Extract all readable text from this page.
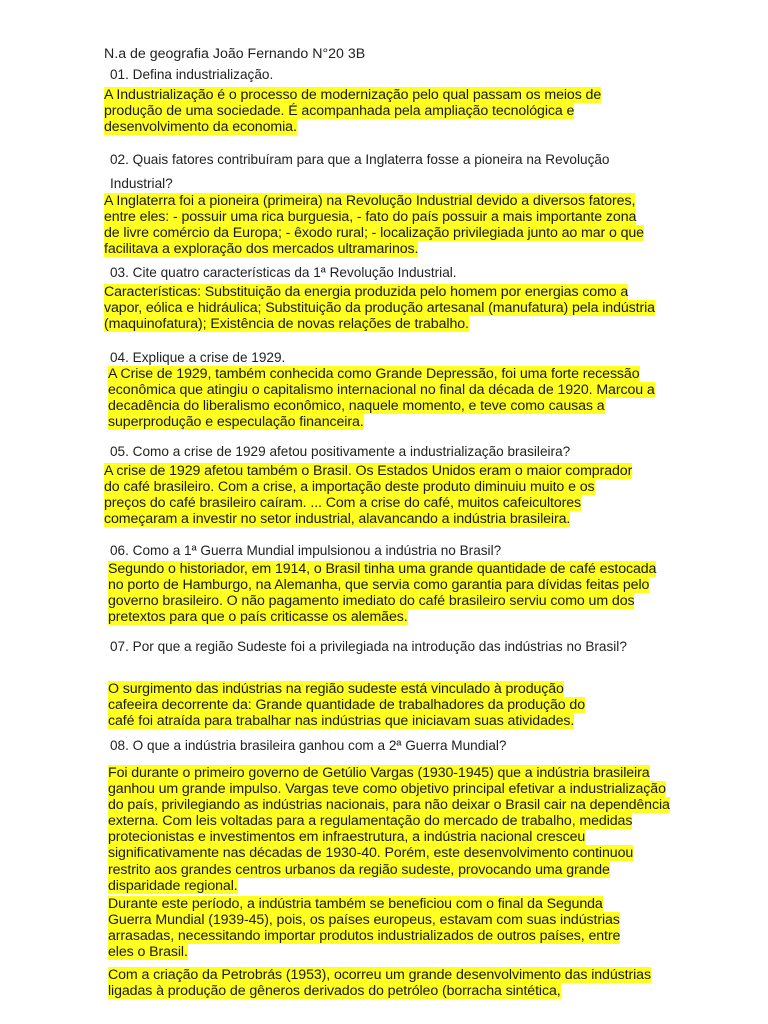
N.a de geografia João Fernando N°20 3B
01. Defina industrialização.
A Industrialização é o processo de modernização pelo qual passam os meios de produção de uma sociedade. É acompanhada pela ampliação tecnológica e desenvolvimento da economia.
02. Quais fatores contribuíram para que a Inglaterra fosse a pioneira na Revolução Industrial?
A Inglaterra foi a pioneira (primeira) na Revolução Industrial devido a diversos fatores, entre eles: - possuir uma rica burguesia, - fato do país possuir a mais importante zona de livre comércio da Europa; - êxodo rural; - localização privilegiada junto ao mar o que facilitava a exploração dos mercados ultramarinos.
03. Cite quatro características da 1ª Revolução Industrial.
Características: Substituição da energia produzida pelo homem por energias como a vapor, eólica e hidráulica; Substituição da produção artesanal (manufatura) pela indústria (maquinofatura); Existência de novas relações de trabalho.
04. Explique a crise de 1929.
A Crise de 1929, também conhecida como Grande Depressão, foi uma forte recessão econômica que atingiu o capitalismo internacional no final da década de 1920. Marcou a decadência do liberalismo econômico, naquele momento, e teve como causas a superprodução e especulação financeira.
05. Como a crise de 1929 afetou positivamente a industrialização brasileira?
A crise de 1929 afetou também o Brasil. Os Estados Unidos eram o maior comprador do café brasileiro. Com a crise, a importação deste produto diminuiu muito e os preços do café brasileiro caíram. ... Com a crise do café, muitos cafeicultores começaram a investir no setor industrial, alavancando a indústria brasileira.
06. Como a 1ª Guerra Mundial impulsionou a indústria no Brasil?
Segundo o historiador, em 1914, o Brasil tinha uma grande quantidade de café estocada no porto de Hamburgo, na Alemanha, que servia como garantia para dívidas feitas pelo governo brasileiro. O não pagamento imediato do café brasileiro serviu como um dos pretextos para que o país criticasse os alemães.
07. Por que a região Sudeste foi a privilegiada na introdução das indústrias no Brasil?
O surgimento das indústrias na região sudeste está vinculado à produção cafeeira decorrente da: Grande quantidade de trabalhadores da produção do café foi atraída para trabalhar nas indústrias que iniciavam suas atividades.
08. O que a indústria brasileira ganhou com a 2ª Guerra Mundial?
Foi durante o primeiro governo de Getúlio Vargas (1930-1945) que a indústria brasileira ganhou um grande impulso. Vargas teve como objetivo principal efetivar a industrialização do país, privilegiando as indústrias nacionais, para não deixar o Brasil cair na dependência externa. Com leis voltadas para a regulamentação do mercado de trabalho, medidas protecionistas e investimentos em infraestrutura, a indústria nacional cresceu significativamente nas décadas de 1930-40. Porém, este desenvolvimento continuou restrito aos grandes centros urbanos da região sudeste, provocando uma grande disparidade regional.
Durante este período, a indústria também se beneficiou com o final da Segunda Guerra Mundial (1939-45), pois, os países europeus, estavam com suas indústrias arrasadas, necessitando importar produtos industrializados de outros países, entre eles o Brasil.
Com a criação da Petrobrás (1953), ocorreu um grande desenvolvimento das indústrias ligadas à produção de gêneros derivados do petróleo (borracha sintética,
